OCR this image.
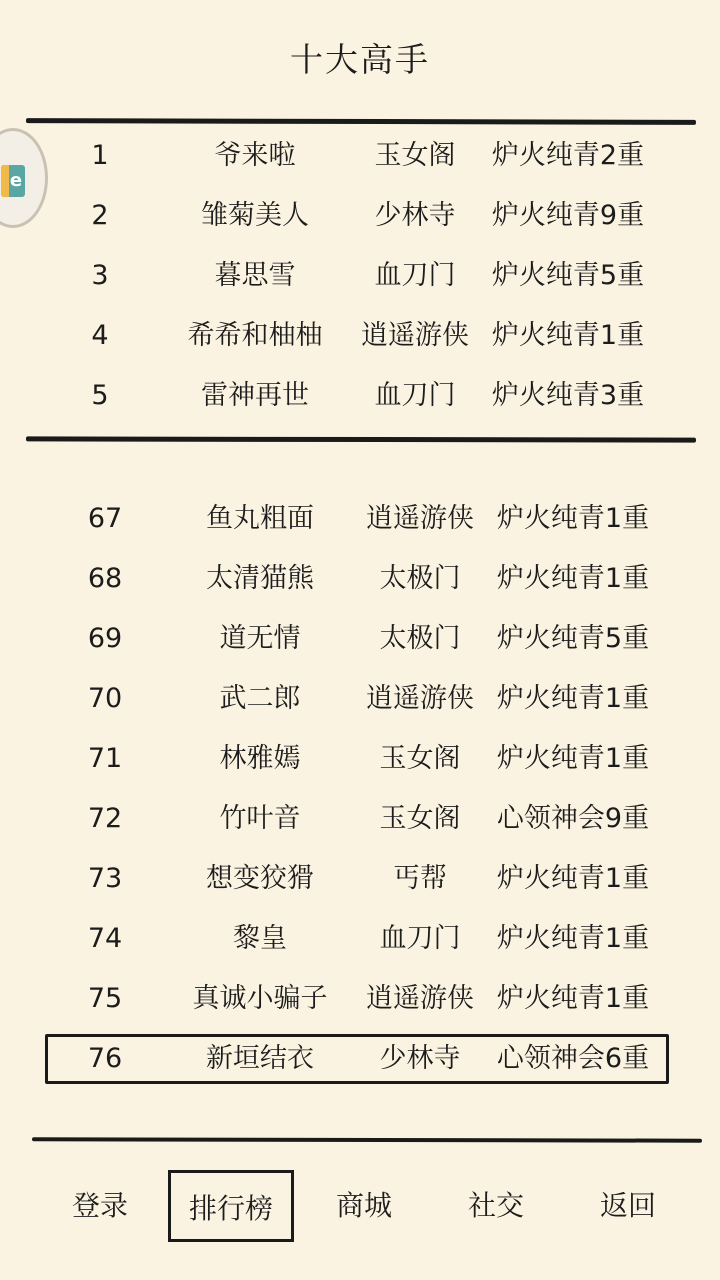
十大高手
e
1	爷来啦	玉女阁	炉火纯青2重
2	雏菊美人	少林寺	炉火纯青9重
3	暮思雪	血刀门	炉火纯青5重
4	希希和柚柚	逍遥游侠 炉火纯青1重
5	雷神再世	血刀门	炉火纯青3重
67	鱼丸粗面	逍遥游侠 炉火纯青1重
68	太清猫熊	太极门	炉火纯青1重
69	道无情	太极门	炉火纯青5重
70	武二郎	逍遥游侠 炉火纯青1重
71	林雅嫣	玉女阁	炉火纯青1重
72	竹叶音	玉女阁	心领神会9重
73	想变狡猾	丐帮	炉火纯青1重
74	黎皇	血刀门	炉火纯青1重
75	真诚小骗子	逍遥游侠 炉火纯青1重
76	新垣结衣	少林寺	心领神会6重
登录	排行榜	商城	社交	返回
